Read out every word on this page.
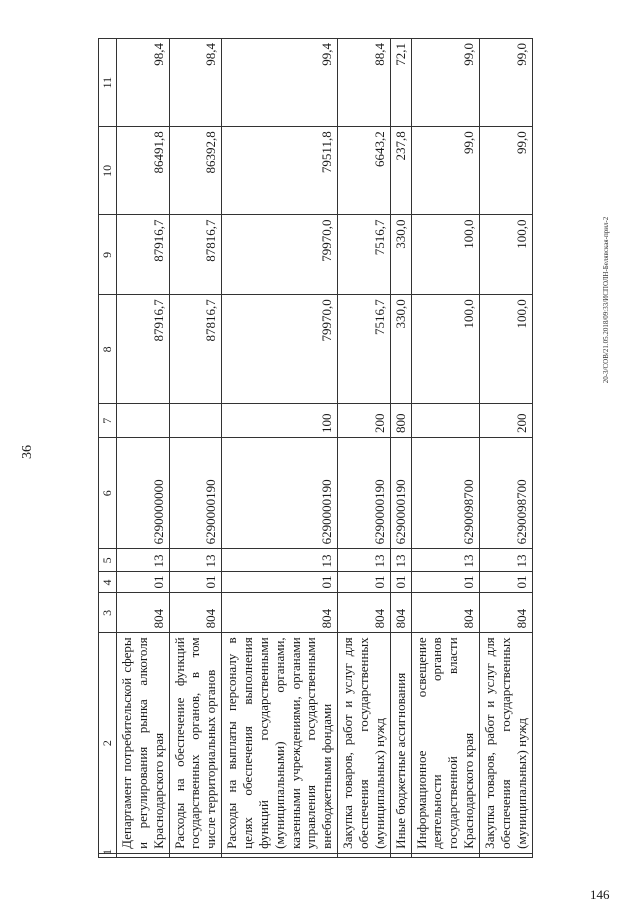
36
20-3/СОВ/21.05.2018/09:33/ИСПОЛН-Белявская-прил-2
146
1	2	3	4	5	6	7	8	9	10	11
	Департамент потребительской сферы и регулирования рынка алкоголя Краснодарского края	804	01	13	6290000000		87916,7	87916,7	86491,8	98,4
	Расходы на обеспечение функций государственных органов, в том числе территориальных органов	804	01	13	6290000190		87816,7	87816,7	86392,8	98,4
	Расходы на выплаты персоналу в целях обеспечения выполнения функций государственными (муниципальными) органами, казенными учреждениями, органами управления государственными внебюджетными фондами	804	01	13	6290000190	100	79970,0	79970,0	79511,8	99,4
	Закупка товаров, работ и услуг для обеспечения государственных (муниципальных) нужд	804	01	13	6290000190	200	7516,7	7516,7	6643,2	88,4
	Иные бюджетные ассигнования	804	01	13	6290000190	800	330,0	330,0	237,8	72,1
	Информационное освещение деятельности органов государственной власти Краснодарского края	804	01	13	6290098700		100,0	100,0	99,0	99,0
	Закупка товаров, работ и услуг для обеспечения государственных (муниципальных) нужд	804	01	13	6290098700	200	100,0	100,0	99,0	99,0
